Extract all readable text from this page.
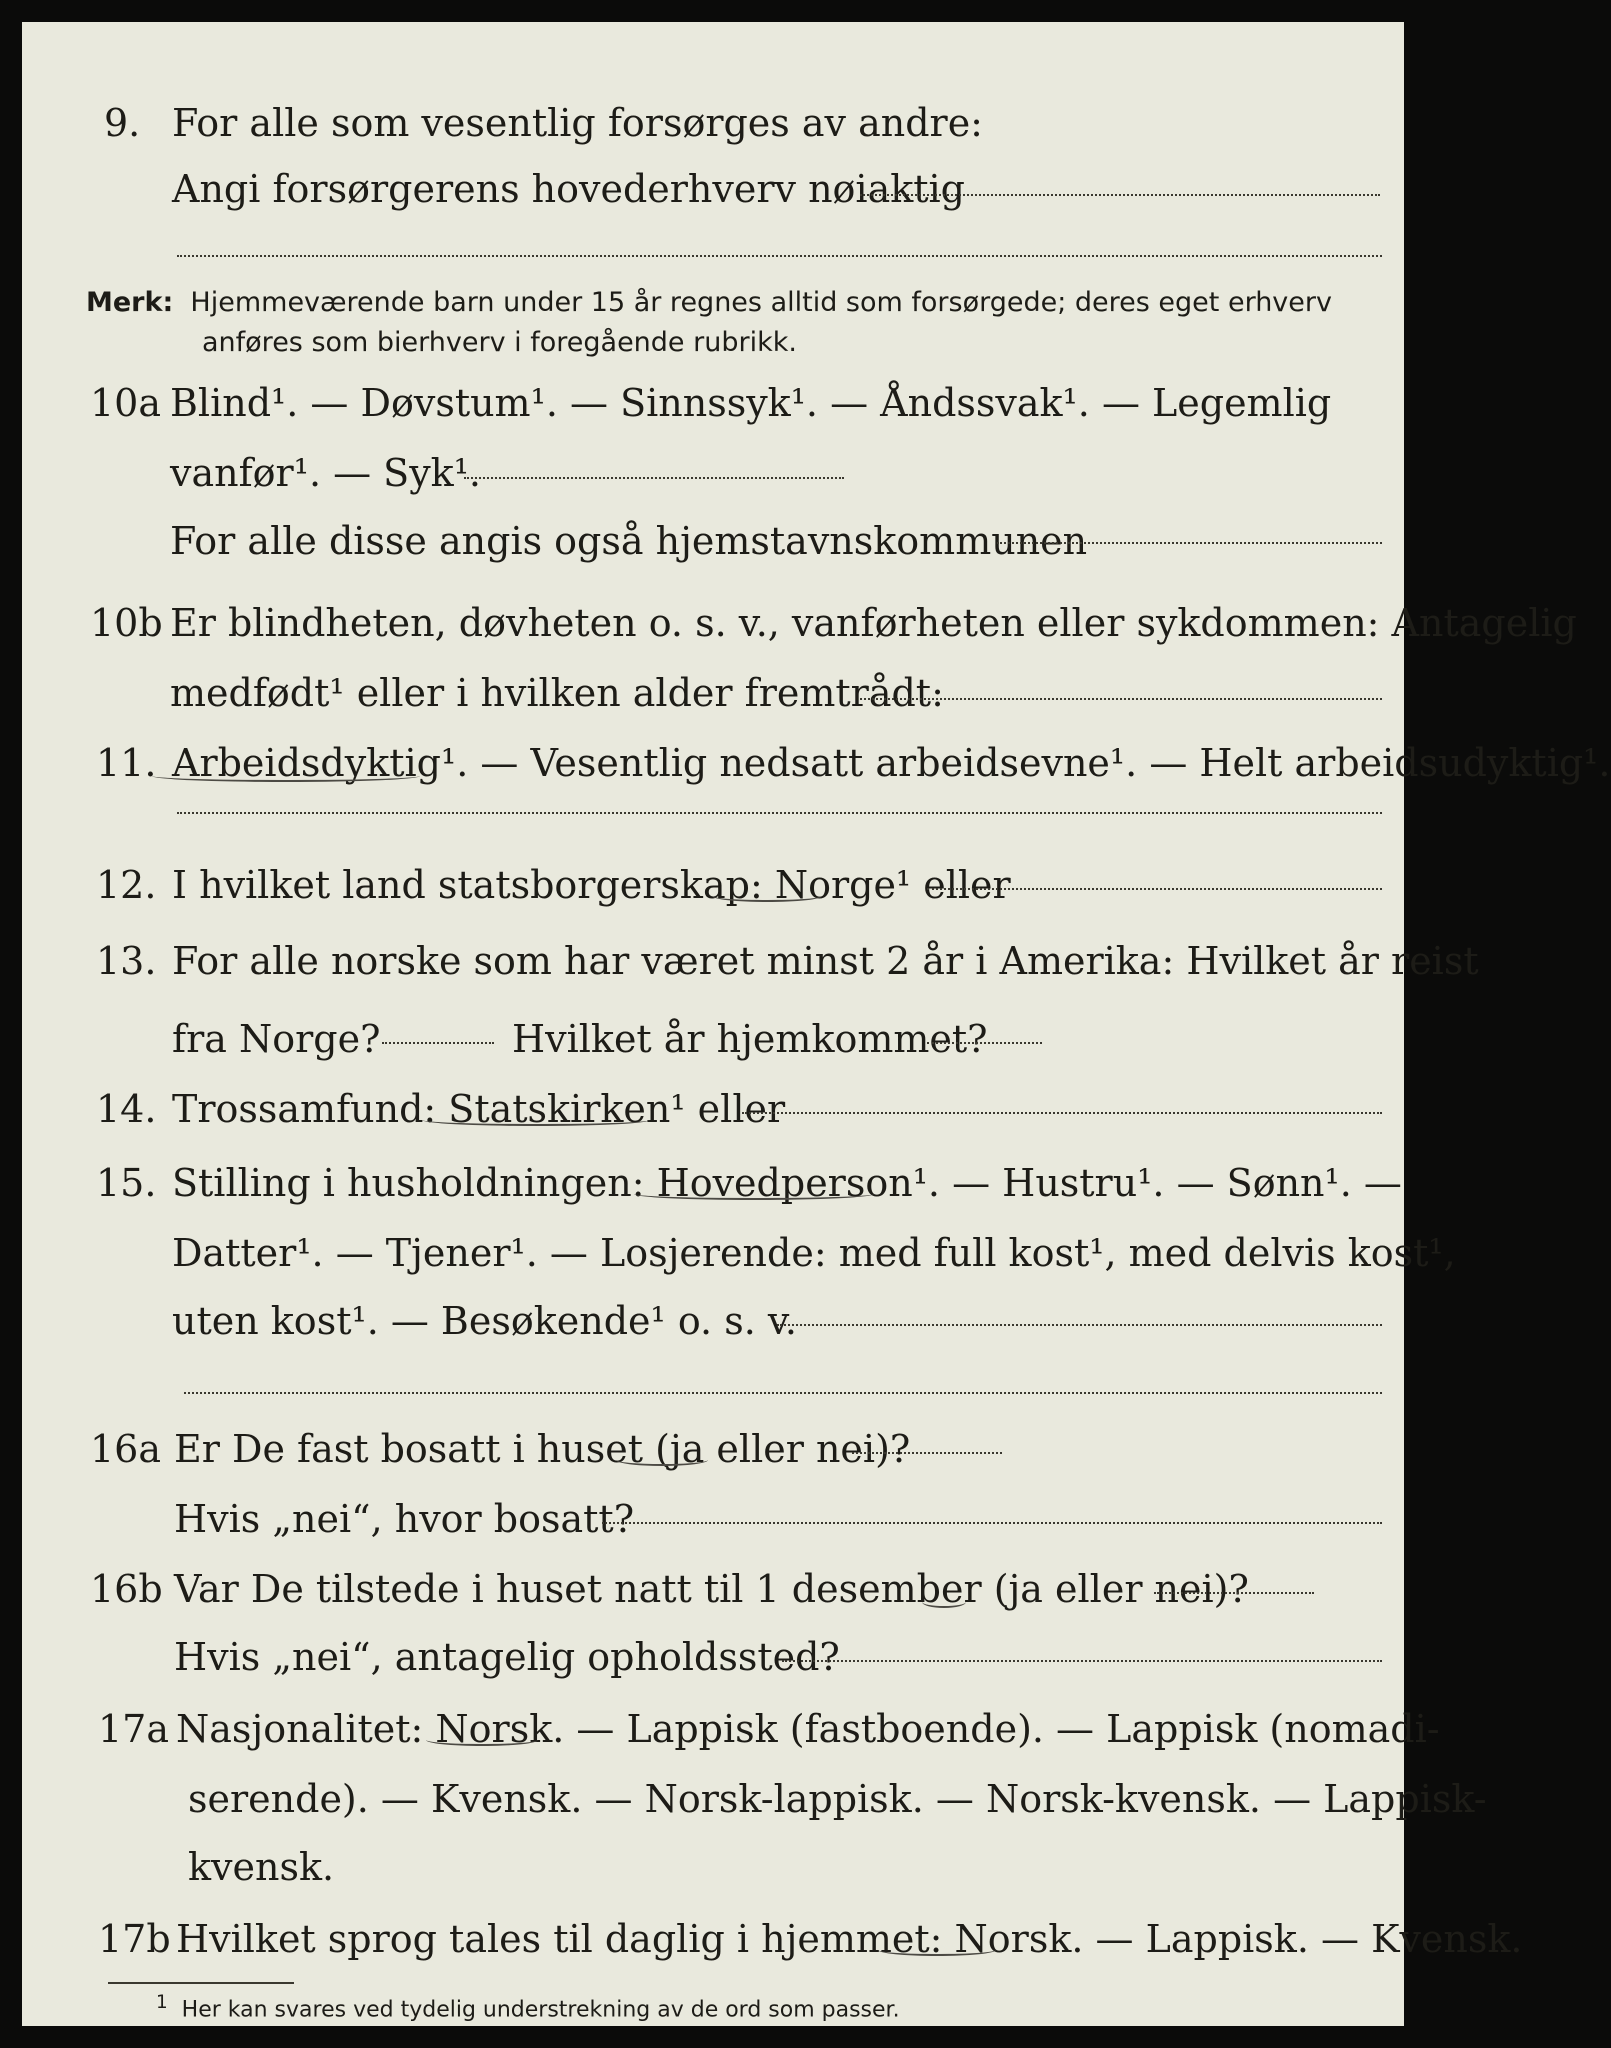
9. For alle som vesentlig forsørges av andre:
Angi forsørgerens hovederhverv nøiaktig
Merk: Hjemmeværende barn under 15 år regnes alltid som forsørgede; deres eget erhverv
anføres som bierhverv i foregående rubrikk.
10a Blind¹. — Døvstum¹. — Sinnssyk¹. — Åndssvak¹. — Legemlig
vanfør¹. — Syk¹.
For alle disse angis også hjemstavnskommunen
10b Er blindheten, døvheten o. s. v., vanførheten eller sykdommen: Antagelig
medfødt¹ eller i hvilken alder fremtrådt:
11. Arbeidsdyktig¹. — Vesentlig nedsatt arbeidsevne¹. — Helt arbeidsudyktig¹.
12. I hvilket land statsborgerskap: Norge¹ eller
13. For alle norske som har været minst 2 år i Amerika: Hvilket år reist
fra Norge?	Hvilket år hjemkommet?
14. Trossamfund: Statskirken¹ eller
15. Stilling i husholdningen: Hovedperson¹. — Hustru¹. — Sønn¹. —
Datter¹. — Tjener¹. — Losjerende: med full kost¹, med delvis kost¹,
uten kost¹. — Besøkende¹ o. s. v.
16a Er De fast bosatt i huset (ja eller nei)?
Hvis „nei“, hvor bosatt?
16b Var De tilstede i huset natt til 1 desember (ja eller nei)?
Hvis „nei“, antagelig opholdssted?
17a Nasjonalitet: Norsk. — Lappisk (fastboende). — Lappisk (nomadi-
serende). — Kvensk. — Norsk-lappisk. — Norsk-kvensk. — Lappisk-
kvensk.
17b Hvilket sprog tales til daglig i hjemmet: Norsk. — Lappisk. — Kvensk.
$^1$ Her kan svares ved tydelig understrekning av de ord som passer.
